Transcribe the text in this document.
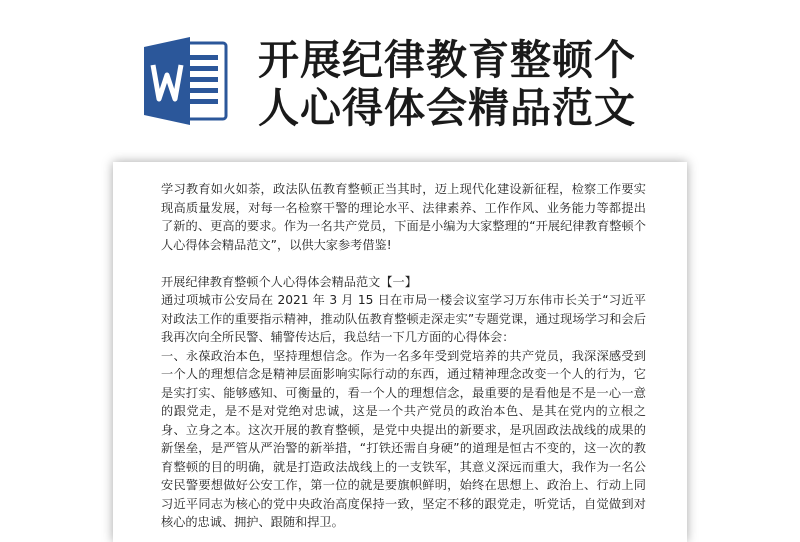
开展纪律教育整顿个
人心得体会精品范文

学习教育如火如荼，政法队伍教育整顿正当其时，迈上现代化建设新征程，检察工作要实现高质量发展，对每一名检察干警的理论水平、法律素养、工作作风、业务能力等都提出了新的、更高的要求。作为一名共产党员，下面是小编为大家整理的“开展纪律教育整顿个人心得体会精品范文”，以供大家参考借鉴!

开展纪律教育整顿个人心得体会精品范文【一】

通过项城市公安局在 2021 年 3 月 15 日在市局一楼会议室学习万东伟市长关于“习近平对政法工作的重要指示精神，推动队伍教育整顿走深走实”专题党课，通过现场学习和会后我再次向全所民警、辅警传达后，我总结一下几方面的心得体会：

一、永葆政治本色，坚持理想信念。作为一名多年受到党培养的共产党员，我深深感受到一个人的理想信念是精神层面影响实际行动的东西，通过精神理念改变一个人的行为，它是实打实、能够感知、可衡量的，看一个人的理想信念，最重要的是看他是不是一心一意的跟党走，是不是对党绝对忠诚，这是一个共产党员的政治本色、是其在党内的立根之身、立身之本。这次开展的教育整顿，是党中央提出的新要求，是巩固政法战线的成果的新堡垒，是严管从严治警的新举措，“打铁还需自身硬”的道理是恒古不变的，这一次的教育整顿的目的明确，就是打造政法战线上的一支铁军，其意义深远而重大，我作为一名公安民警要想做好公安工作，第一位的就是要旗帜鲜明，始终在思想上、政治上、行动上同习近平同志为核心的党中央政治高度保持一致，坚定不移的跟党走，听党话，自觉做到对核心的忠诚、拥护、跟随和捍卫。
